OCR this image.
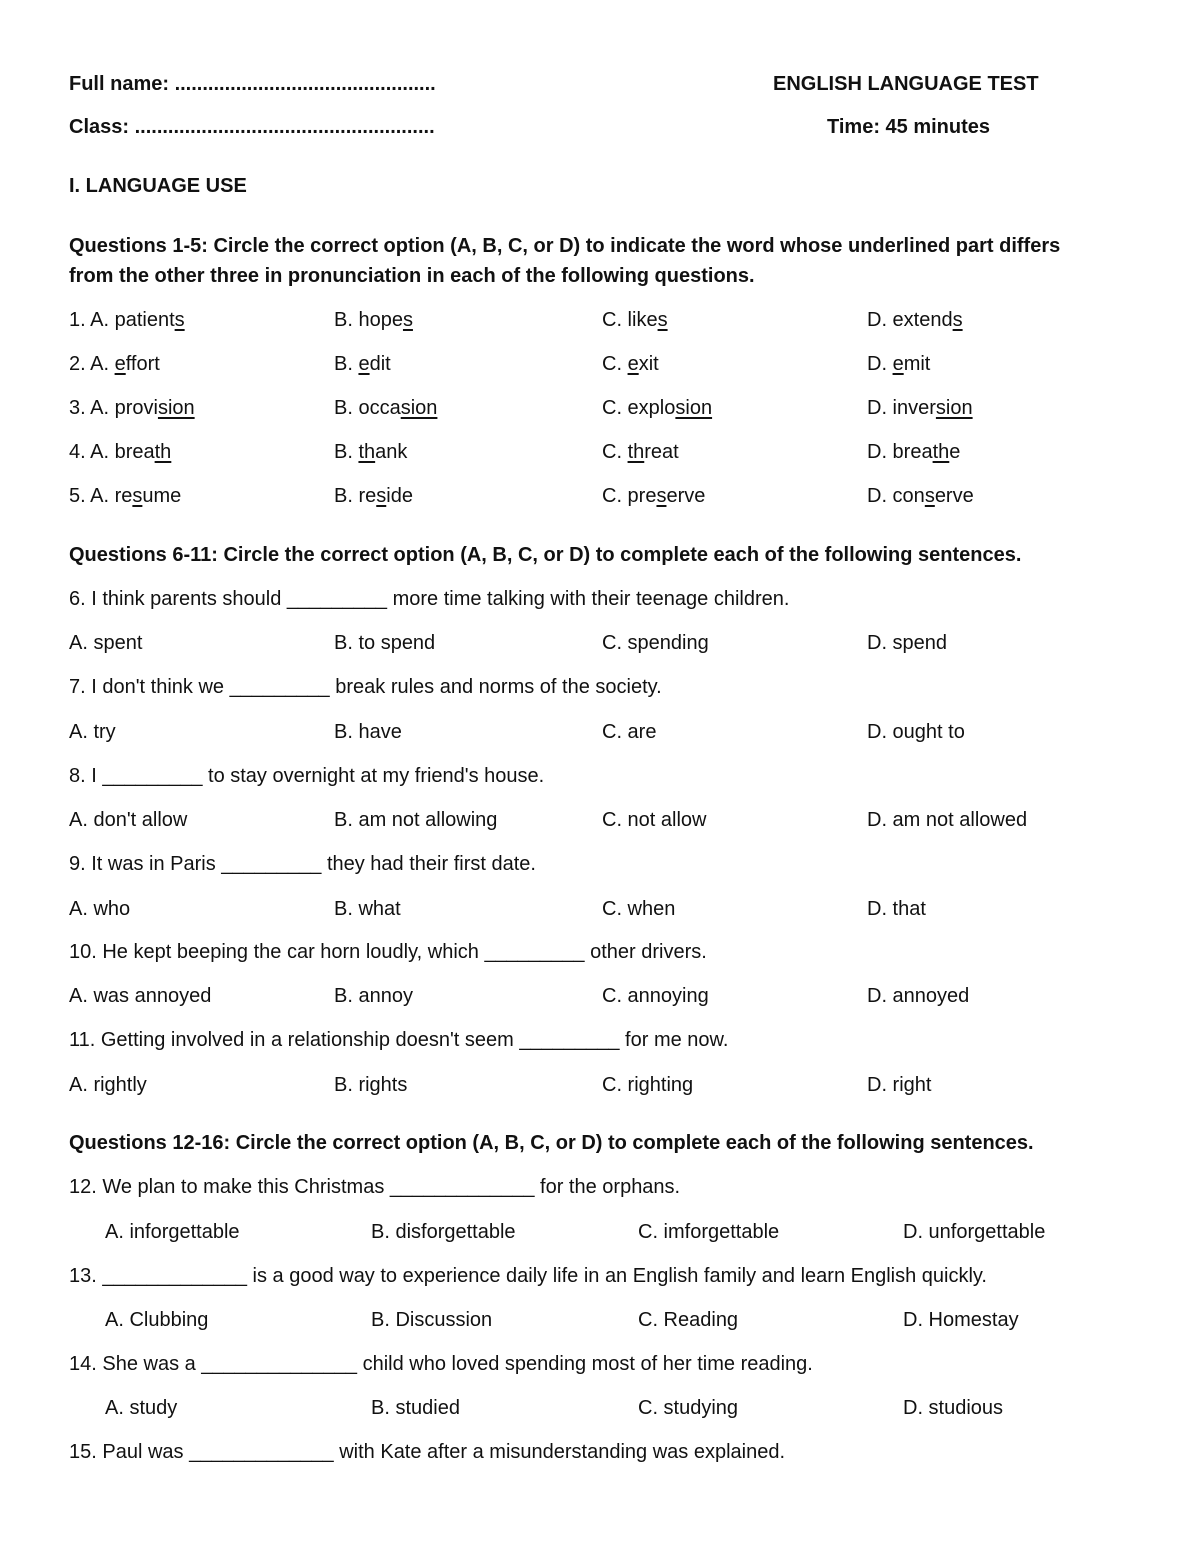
Full name: ...............................................	ENGLISH LANGUAGE TEST
Class: ......................................................	Time: 45 minutes
I. LANGUAGE USE
Questions 1-5: Circle the correct option (A, B, C, or D) to indicate the word whose underlined part differs
from the other three in pronunciation in each of the following questions.
1. A. patients	B. hopes	C. likes	D. extends
2. A. effort	B. edit	C. exit	D. emit
3. A. provision	B. occasion	C. explosion	D. inversion
4. A. breath	B. thank	C. threat	D. breathe
5. A. resume	B. reside	C. preserve	D. conserve
Questions 6-11: Circle the correct option (A, B, C, or D) to complete each of the following sentences.
6. I think parents should _________ more time talking with their teenage children.
A. spent	B. to spend	C. spending	D. spend
7. I don't think we _________ break rules and norms of the society.
A. try	B. have	C. are	D. ought to
8. I _________ to stay overnight at my friend's house.
A. don't allow	B. am not allowing	C. not allow	D. am not allowed
9. It was in Paris _________ they had their first date.
A. who	B. what	C. when	D. that
10. He kept beeping the car horn loudly, which _________ other drivers.
A. was annoyed	B. annoy	C. annoying	D. annoyed
11. Getting involved in a relationship doesn't seem _________ for me now.
A. rightly	B. rights	C. righting	D. right
Questions 12-16: Circle the correct option (A, B, C, or D) to complete each of the following sentences.
12. We plan to make this Christmas _____________ for the orphans.
A. inforgettable	B. disforgettable	C. imforgettable	D. unforgettable
13. _____________ is a good way to experience daily life in an English family and learn English quickly.
A. Clubbing	B. Discussion	C. Reading	D. Homestay
14. She was a ______________ child who loved spending most of her time reading.
A. study	B. studied	C. studying	D. studious
15. Paul was _____________ with Kate after a misunderstanding was explained.
